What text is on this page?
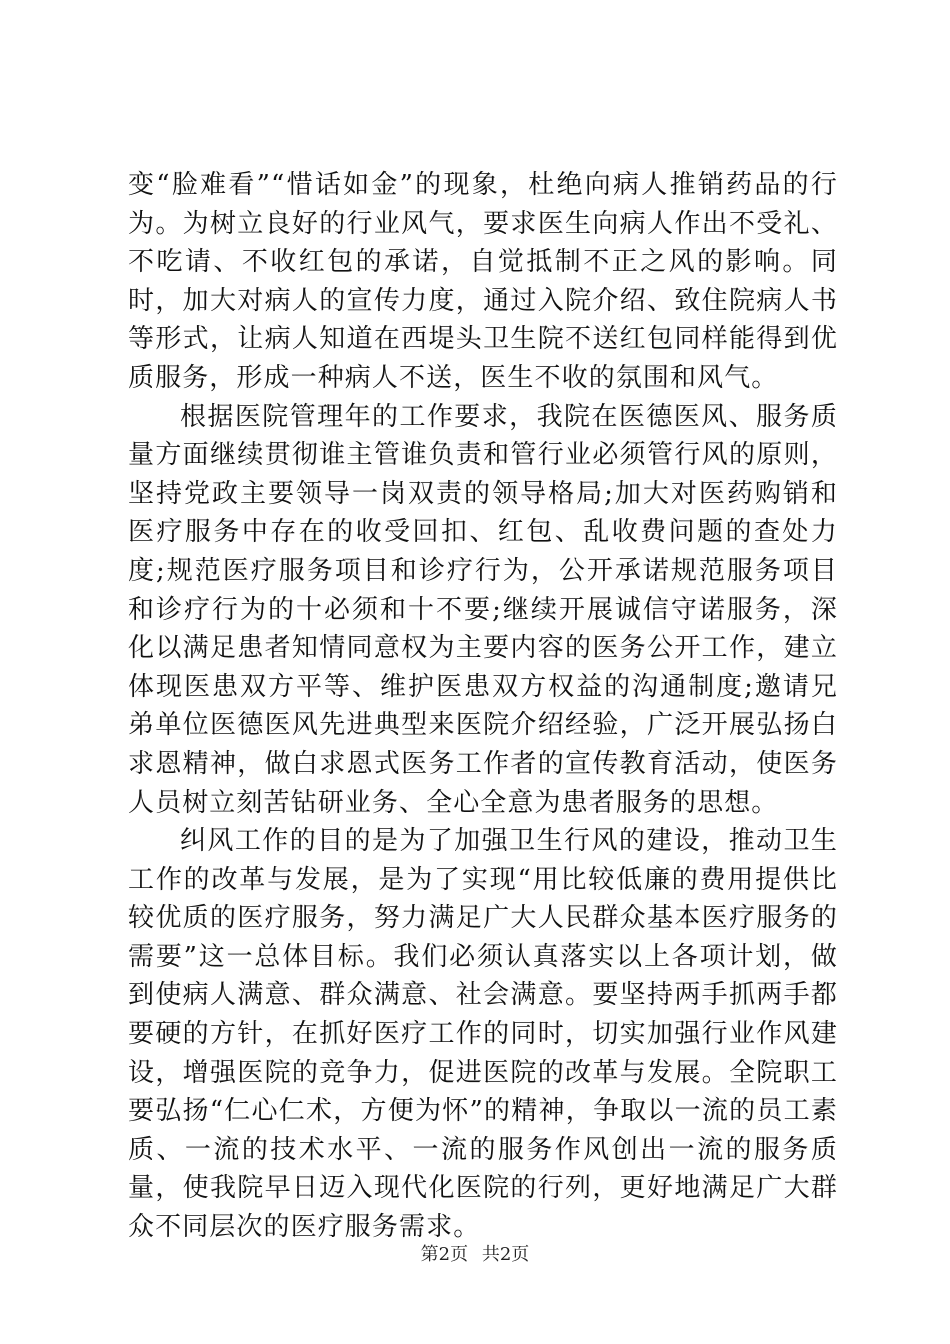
变“脸难看”“惜话如金”的现象，杜绝向病人推销药品的行为。为树立良好的行业风气，要求医生向病人作出不受礼、不吃请、不收红包的承诺，自觉抵制不正之风的影响。同时，加大对病人的宣传力度，通过入院介绍、致住院病人书等形式，让病人知道在西堤头卫生院不送红包同样能得到优质服务，形成一种病人不送，医生不收的氛围和风气。

根据医院管理年的工作要求，我院在医德医风、服务质量方面继续贯彻谁主管谁负责和管行业必须管行风的原则，坚持党政主要领导一岗双责的领导格局;加大对医药购销和医疗服务中存在的收受回扣、红包、乱收费问题的查处力度;规范医疗服务项目和诊疗行为，公开承诺规范服务项目和诊疗行为的十必须和十不要;继续开展诚信守诺服务，深化以满足患者知情同意权为主要内容的医务公开工作，建立体现医患双方平等、维护医患双方权益的沟通制度;邀请兄弟单位医德医风先进典型来医院介绍经验，广泛开展弘扬白求恩精神，做白求恩式医务工作者的宣传教育活动，使医务人员树立刻苦钻研业务、全心全意为患者服务的思想。

纠风工作的目的是为了加强卫生行风的建设，推动卫生工作的改革与发展，是为了实现“用比较低廉的费用提供比较优质的医疗服务，努力满足广大人民群众基本医疗服务的需要”这一总体目标。我们必须认真落实以上各项计划，做到使病人满意、群众满意、社会满意。要坚持两手抓两手都要硬的方针，在抓好医疗工作的同时，切实加强行业作风建设，增强医院的竞争力，促进医院的改革与发展。全院职工要弘扬“仁心仁术，方便为怀”的精神，争取以一流的员工素质、一流的技术水平、一流的服务作风创出一流的服务质量，使我院早日迈入现代化医院的行列，更好地满足广大群众不同层次的医疗服务需求。

第2页 共2页
